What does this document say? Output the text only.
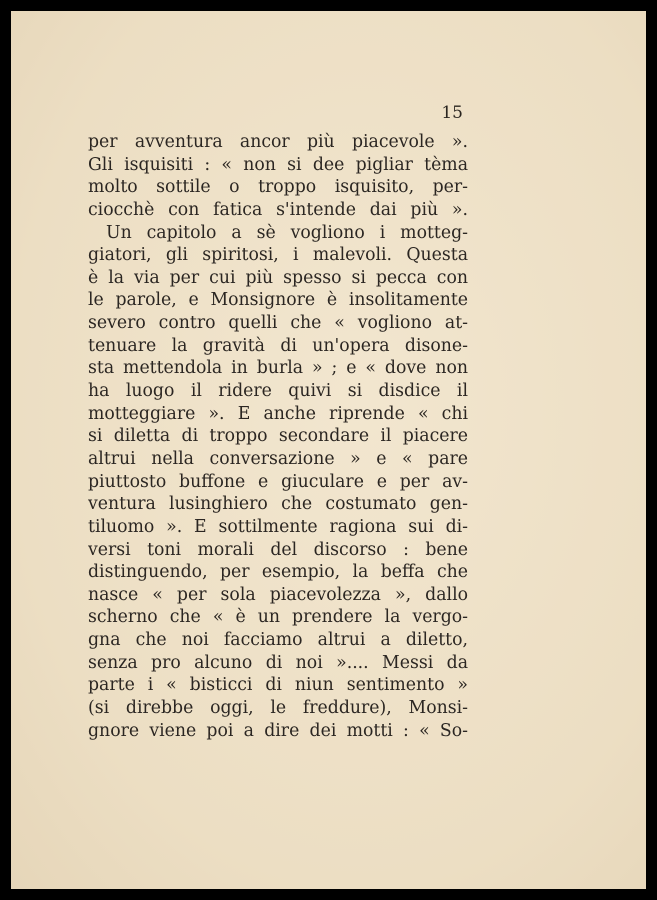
15
per avventura ancor più piacevole ».
Gli isquisiti : « non si dee pigliar tèma
molto sottile o troppo isquisito, per-
ciocchè con fatica s'intende dai più ».
Un capitolo a sè vogliono i motteg-
giatori, gli spiritosi, i malevoli. Questa
è la via per cui più spesso si pecca con
le parole, e Monsignore è insolitamente
severo contro quelli che « vogliono at-
tenuare la gravità di un'opera disone-
sta mettendola in burla » ; e « dove non
ha luogo il ridere quivi si disdice il
motteggiare ». E anche riprende « chi
si diletta di troppo secondare il piacere
altrui nella conversazione » e « pare
piuttosto buffone e giuculare e per av-
ventura lusinghiero che costumato gen-
tiluomo ». E sottilmente ragiona sui di-
versi toni morali del discorso : bene
distinguendo, per esempio, la beffa che
nasce « per sola piacevolezza », dallo
scherno che « è un prendere la vergo-
gna che noi facciamo altrui a diletto,
senza pro alcuno di noi ».... Messi da
parte i « bisticci di niun sentimento »
(si direbbe oggi, le freddure), Monsi-
gnore viene poi a dire dei motti : « So-
